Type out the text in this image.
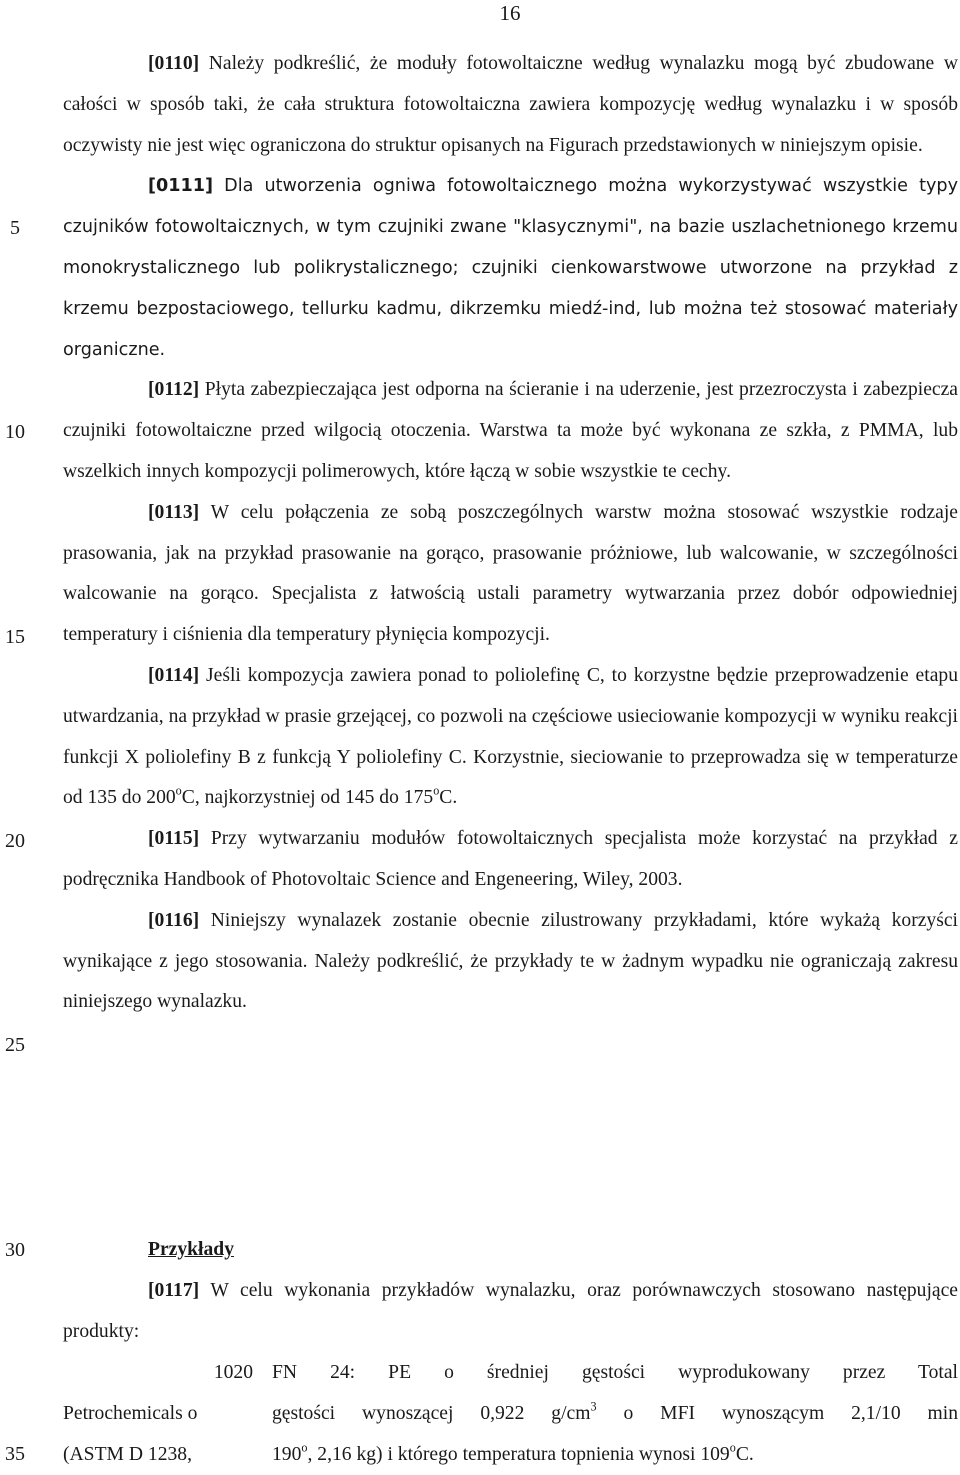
16
5
10
15
20
25
30
35

[0110] Należy podkreślić, że moduły fotowoltaiczne według wynalazku mogą być zbudowane w całości w sposób taki, że cała struktura fotowoltaiczna zawiera kompozycję według wynalazku i w sposób oczywisty nie jest więc ograniczona do struktur opisanych na Figurach przedstawionych w niniejszym opisie.

[0111] Dla utworzenia ogniwa fotowoltaicznego można wykorzystywać wszystkie typy czujników fotowoltaicznych, w tym czujniki zwane "klasycznymi", na bazie uszlachetnionego krzemu monokrystalicznego lub polikrystalicznego; czujniki cienkowarstwowe utworzone na przykład z krzemu bezpostaciowego, tellurku kadmu, dikrzemku miedź-ind, lub można też stosować materiały organiczne.

[0112] Płyta zabezpieczająca jest odporna na ścieranie i na uderzenie, jest przezroczysta i zabezpiecza czujniki fotowoltaiczne przed wilgocią otoczenia. Warstwa ta może być wykonana ze szkła, z PMMA, lub wszelkich innych kompozycji polimerowych, które łączą w sobie wszystkie te cechy.

[0113] W celu połączenia ze sobą poszczególnych warstw można stosować wszystkie rodzaje prasowania, jak na przykład prasowanie na gorąco, prasowanie próżniowe, lub walcowanie, w szczególności walcowanie na gorąco. Specjalista z łatwością ustali parametry wytwarzania przez dobór odpowiedniej temperatury i ciśnienia dla temperatury płynięcia kompozycji.

[0114] Jeśli kompozycja zawiera ponad to poliolefinę C, to korzystne będzie przeprowadzenie etapu utwardzania, na przykład w prasie grzejącej, co pozwoli na częściowe usieciowanie kompozycji w wyniku reakcji funkcji X poliolefiny B z funkcją Y poliolefiny C. Korzystnie, sieciowanie to przeprowadza się w temperaturze od 135 do 200$^o$C, najkorzystniej od 145 do 175$^o$C.

[0115] Przy wytwarzaniu modułów fotowoltaicznych specjalista może korzystać na przykład z podręcznika Handbook of Photovoltaic Science and Engeneering, Wiley, 2003.

[0116] Niniejszy wynalazek zostanie obecnie zilustrowany przykładami, które wykażą korzyści wynikające z jego stosowania. Należy podkreślić, że przykłady te w żadnym wypadku nie ograniczają zakresu niniejszego wynalazku.

Przykłady

[0117] W celu wykonania przykładów wynalazku, oraz porównawczych stosowano następujące produkty:

1020 FN 24: PE o średniej gęstości wyprodukowany przez Total
Petrochemicals o	gęstości wynoszącej 0,922 $g/cm^3$ o MFI wynoszącym 2,1/10 min
(ASTM D 1238,	190$^o$, 2,16 kg) i którego temperatura topnienia wynosi 109$^o$C.
